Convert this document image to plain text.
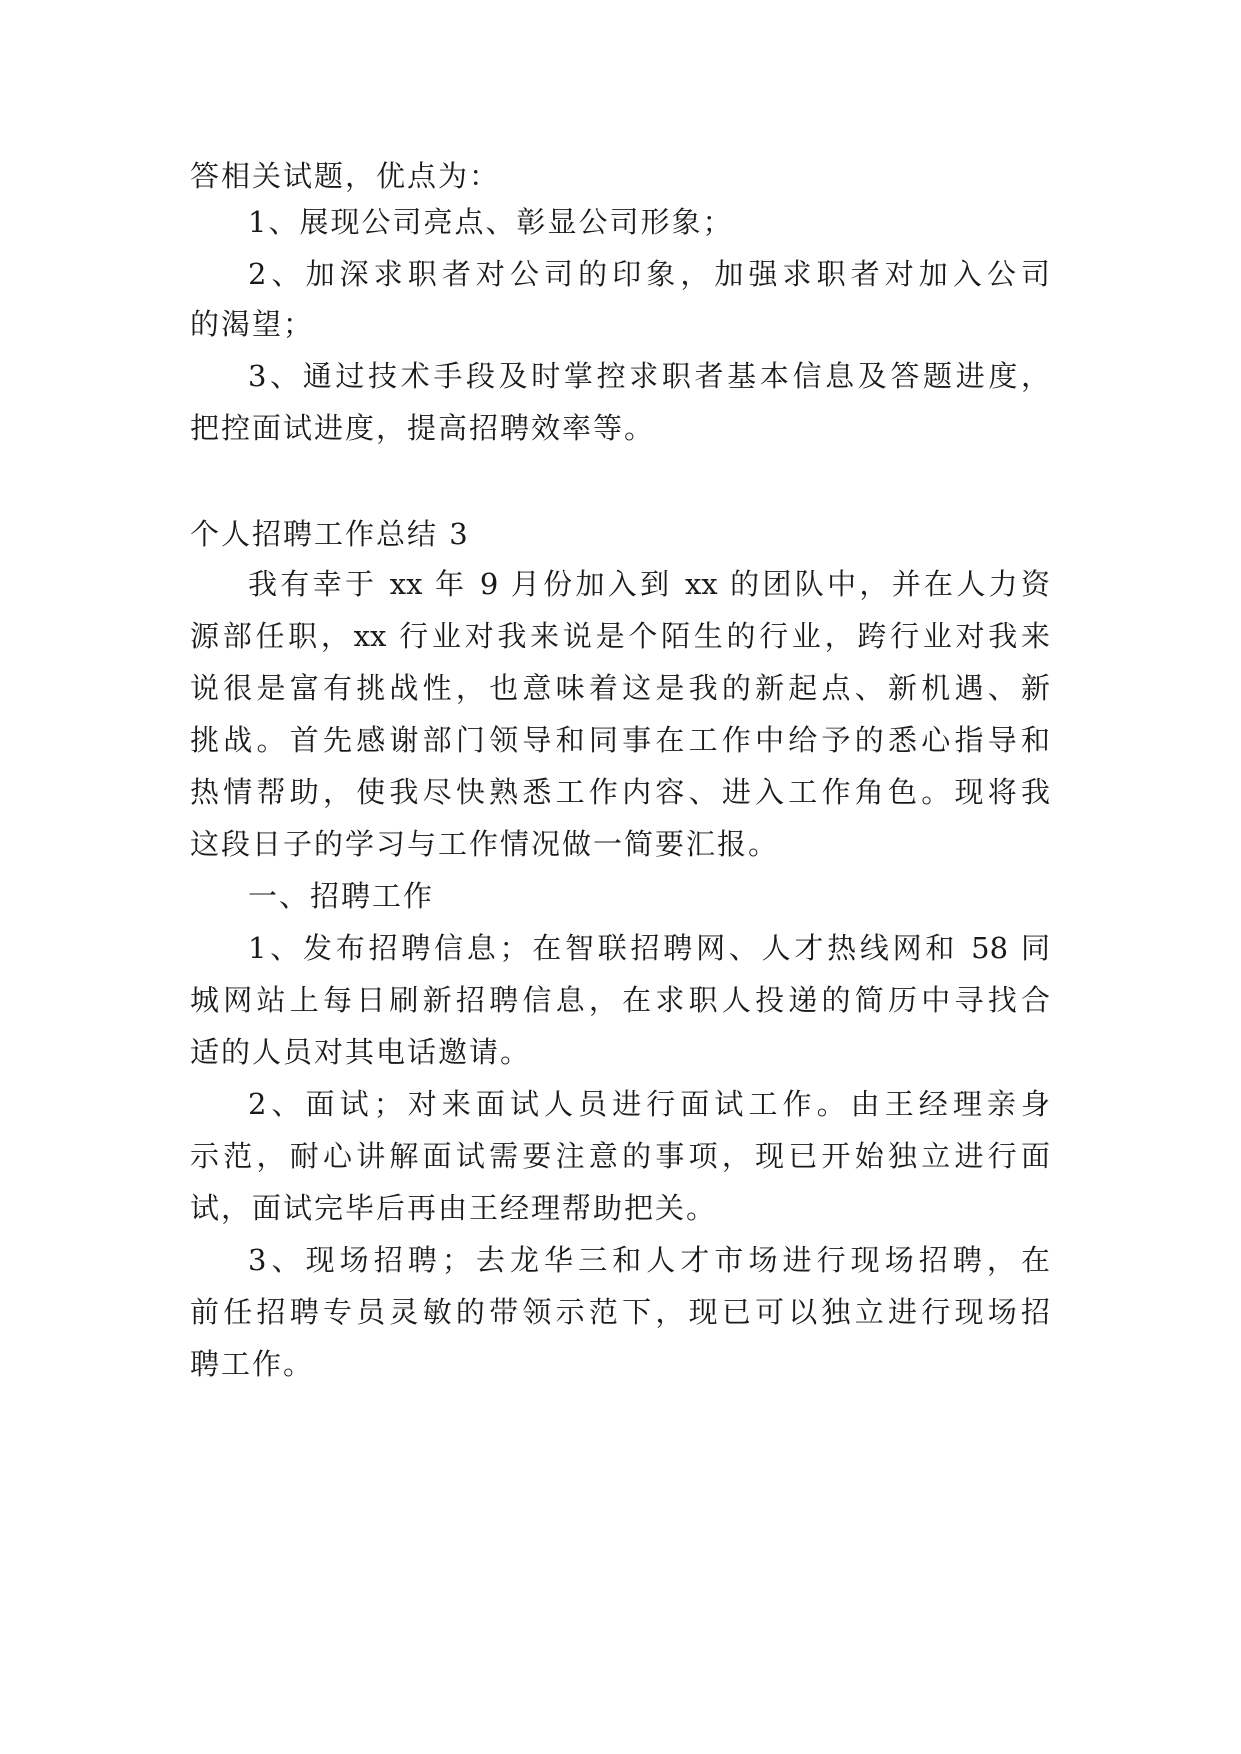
答相关试题，优点为：
1、展现公司亮点、彰显公司形象；
2、加深求职者对公司的印象，加强求职者对加入公司
的渴望；
3、通过技术手段及时掌控求职者基本信息及答题进度，
把控面试进度，提高招聘效率等。
个人招聘工作总结 3
我有幸于 xx 年 9 月份加入到 xx 的团队中，并在人力资
源部任职，xx 行业对我来说是个陌生的行业，跨行业对我来
说很是富有挑战性，也意味着这是我的新起点、新机遇、新
挑战。首先感谢部门领导和同事在工作中给予的悉心指导和
热情帮助，使我尽快熟悉工作内容、进入工作角色。现将我
这段日子的学习与工作情况做一简要汇报。
一、招聘工作
1、发布招聘信息；在智联招聘网、人才热线网和 58 同
城网站上每日刷新招聘信息，在求职人投递的简历中寻找合
适的人员对其电话邀请。
2、面试；对来面试人员进行面试工作。由王经理亲身
示范，耐心讲解面试需要注意的事项，现已开始独立进行面
试，面试完毕后再由王经理帮助把关。
3、现场招聘；去龙华三和人才市场进行现场招聘，在
前任招聘专员灵敏的带领示范下，现已可以独立进行现场招
聘工作。
